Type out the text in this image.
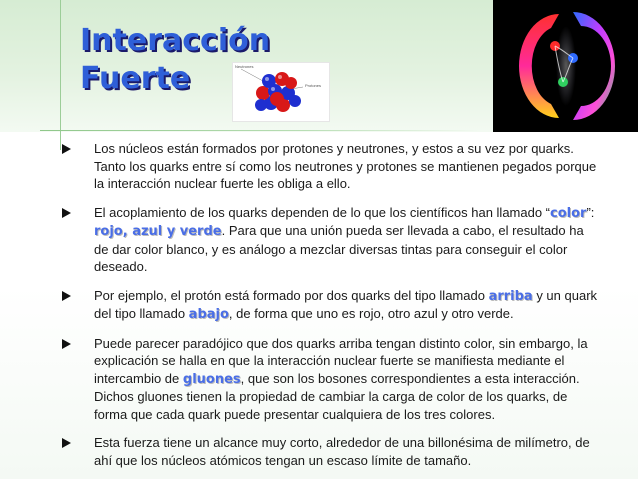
Interacción
Fuerte	Neutrones
Protones
Los núcleos están formados por protones y neutrones, y estos a su vez por quarks. Tanto los quarks entre sí como los neutrones y protones se mantienen pegados porque la interacción nuclear fuerte les obliga a ello.
El acoplamiento de los quarks dependen de lo que los científicos han llamado “color”: rojo, azul y verde. Para que una unión pueda ser llevada a cabo, el resultado ha de dar color blanco, y es análogo a mezclar diversas tintas para conseguir el color deseado.
Por ejemplo, el protón está formado por dos quarks del tipo llamado arriba y un quark del tipo llamado abajo, de forma que uno es rojo, otro azul y otro verde.
Puede parecer paradójico que dos quarks arriba tengan distinto color, sin embargo, la explicación se halla en que la interacción nuclear fuerte se manifiesta mediante el intercambio de gluones, que son los bosones correspondientes a esta interacción. Dichos gluones tienen la propiedad de cambiar la carga de color de los quarks, de forma que cada quark puede presentar cualquiera de los tres colores.
Esta fuerza tiene un alcance muy corto, alrededor de una billonésima de milímetro, de ahí que los núcleos atómicos tengan un escaso límite de tamaño.
